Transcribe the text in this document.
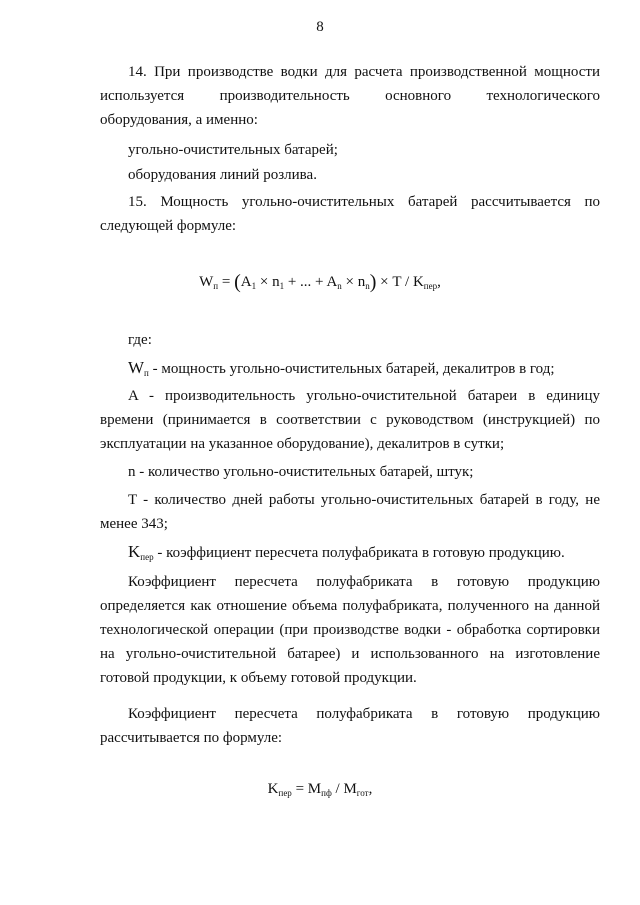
8

14. При производстве водки для расчета производственной мощности используется производительность основного технологического оборудования, а именно:

угольно-очистительных батарей;

оборудования линий розлива.

15. Мощность угольно-очистительных батарей рассчитывается по следующей формуле:

$W_п = (A_1 \times n_1$ + ... + $A_n \times n_n) \times T / K_{пер}$,

где:

$W_п$ - мощность угольно-очистительных батарей, декалитров в год;

A - производительность угольно-очистительной батареи в единицу времени (принимается в соответствии с руководством (инструкцией) по эксплуатации на указанное оборудование), декалитров в сутки;

n - количество угольно-очистительных батарей, штук;

T - количество дней работы угольно-очистительных батарей в году, не менее 343;

$K_{пер}$ - коэффициент пересчета полуфабриката в готовую продукцию.

Коэффициент пересчета полуфабриката в готовую продукцию определяется как отношение объема полуфабриката, полученного на данной технологической операции (при производстве водки - обработка сортировки на угольно-очистительной батарее) и использованного на изготовление готовой продукции, к объему готовой продукции.

Коэффициент пересчета полуфабриката в готовую продукцию рассчитывается по формуле:

$K_{пер} = M_{пф} / M_{гот}$,
